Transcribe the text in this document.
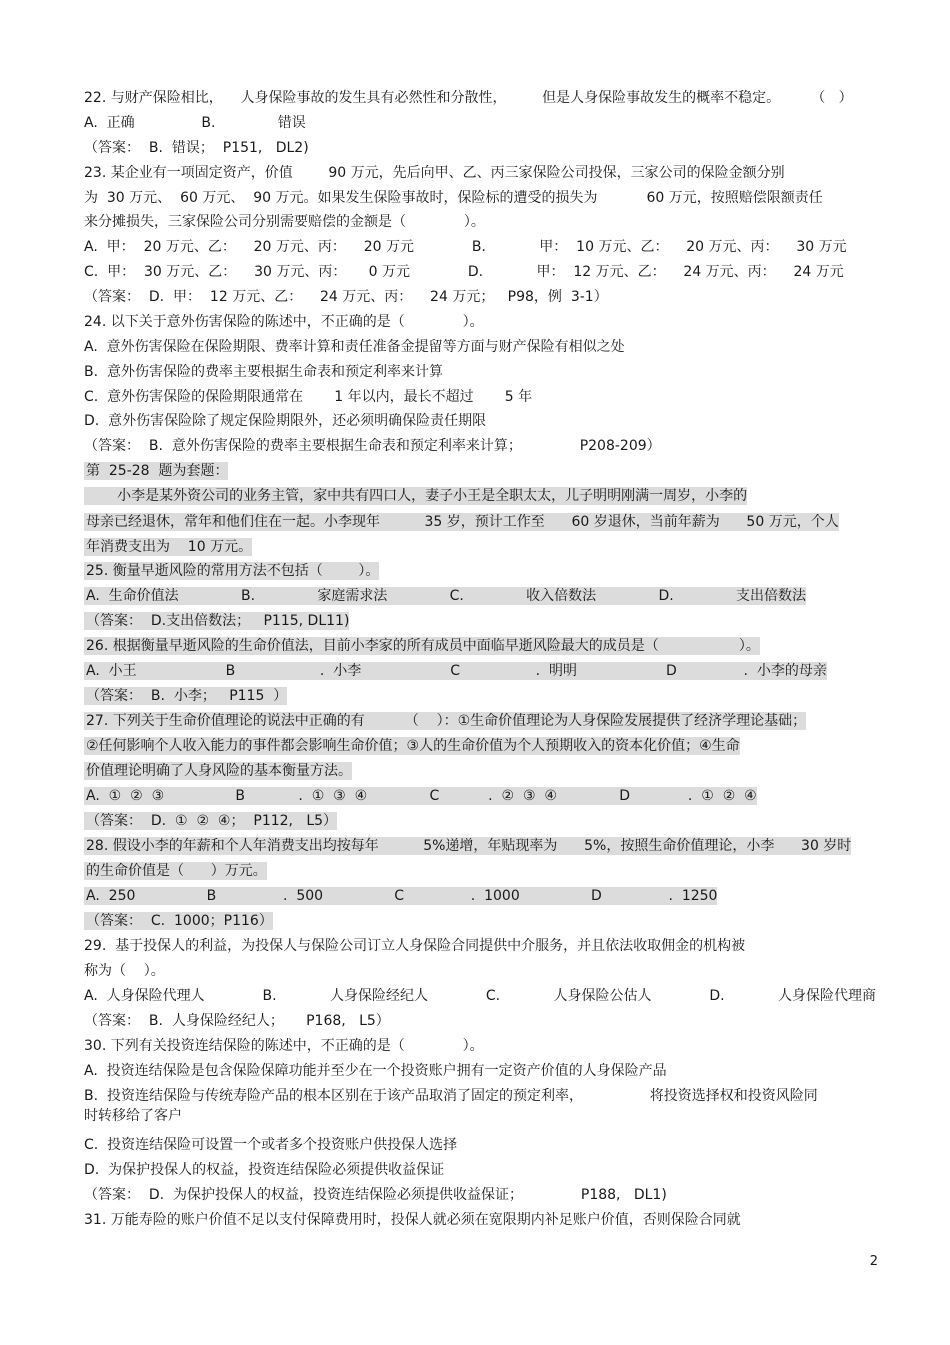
22. 与财产保险相比，    人身保险事故的发生具有必然性和分散性，        但是人身保险事故发生的概率不稳定。       （   ）
A.  正确               B.              错误
（答案：  B.  错误；  P151,   DL2)
23. 某企业有一项固定资产，价值        90 万元，先后向甲、乙、丙三家保险公司投保，三家公司的保险金额分别
为  30 万元、  60 万元、  90 万元。如果发生保险事故时，保险标的遭受的损失为           60 万元，按照赔偿限额责任
来分摊损失，三家保险公司分别需要赔偿的金额是（             ）。
A.  甲：  20 万元、乙：    20 万元、丙：    20 万元             B.            甲：  10 万元、乙：    20 万元、丙：    30 万元
C.  甲：  30 万元、乙：    30 万元、丙：     0 万元             D.            甲：  12 万元、乙：    24 万元、丙：    24 万元
（答案：  D.  甲：  12 万元、乙：    24 万元、丙：    24 万元；   P98，例  3-1）
24. 以下关于意外伤害保险的陈述中，不正确的是（             ）。
A.  意外伤害保险在保险期限、费率计算和责任准备金提留等方面与财产保险有相似之处
B.  意外伤害保险的费率主要根据生命表和预定利率来计算
C.  意外伤害保险的保险期限通常在       1 年以内，最长不超过       5 年
D.  意外伤害保险除了规定保险期限外，还必须明确保险责任期限
（答案：  B.  意外伤害保险的费率主要根据生命表和预定利率来计算；             P208-209）
第  25-28  题为套题：
小李是某外资公司的业务主管，家中共有四口人，妻子小王是全职太太，儿子明明刚满一周岁，小李的
母亲已经退休，常年和他们住在一起。小李现年          35 岁，预计工作至      60 岁退休，当前年薪为      50 万元，个人
年消费支出为    10 万元。
25. 衡量早逝风险的常用方法不包括（        ）。
A.  生命价值法              B.              家庭需求法              C.              收入倍数法              D.              支出倍数法
（答案：  D.支出倍数法；   P115, DL11)
26. 根据衡量早逝风险的生命价值法，目前小李家的所有成员中面临早逝风险最大的成员是（                  ）。
A.  小王                    B                   .  小李                    C                 .  明明                    D               .  小李的母亲
（答案：  B.  小李；   P115  ）
27. 下列关于生命价值理论的说法中正确的有         （    ）：①生命价值理论为人身保险发展提供了经济学理论基础；
②任何影响个人收入能力的事件都会影响生命价值；③人的生命价值为个人预期收入的资本化价值；④生命
价值理论明确了人身风险的基本衡量方法。
A.  ①  ②  ③                B            .  ①  ③  ④              C           .  ②  ③  ④              D             .  ①  ②  ④
（答案：  D.  ①  ②  ④；  P112,   L5）
28. 假设小李的年薪和个人年消费支出均按每年          5%递增，年贴现率为      5%，按照生命价值理论，小李      30 岁时
的生命价值是（      ）万元。
A.  250                B               .  500                C               .  1000                D               .  1250
（答案：  C.  1000；P116）
29.  基于投保人的利益，为投保人与保险公司订立人身保险合同提供中介服务，并且依法收取佣金的机构被
称为（    ）。
A.  人身保险代理人             B.            人身保险经纪人             C.            人身保险公估人             D.            人身保险代理商
（答案：  B.  人身保险经纪人；     P168,   L5）
30. 下列有关投资连结保险的陈述中，不正确的是（             ）。
A.  投资连结保险是包含保险保障功能并至少在一个投资账户拥有一定资产价值的人身保险产品
B.  投资连结保险与传统寿险产品的根本区别在于该产品取消了固定的预定利率，               将投资选择权和投资风险同
时转移给了客户
C.  投资连结保险可设置一个或者多个投资账户供投保人选择
D.  为保护投保人的权益，投资连结保险必须提供收益保证
（答案：  D.  为保护投保人的权益，投资连结保险必须提供收益保证；             P188,   DL1)
31. 万能寿险的账户价值不足以支付保障费用时，投保人就必须在宽限期内补足账户价值，否则保险合同就
2
